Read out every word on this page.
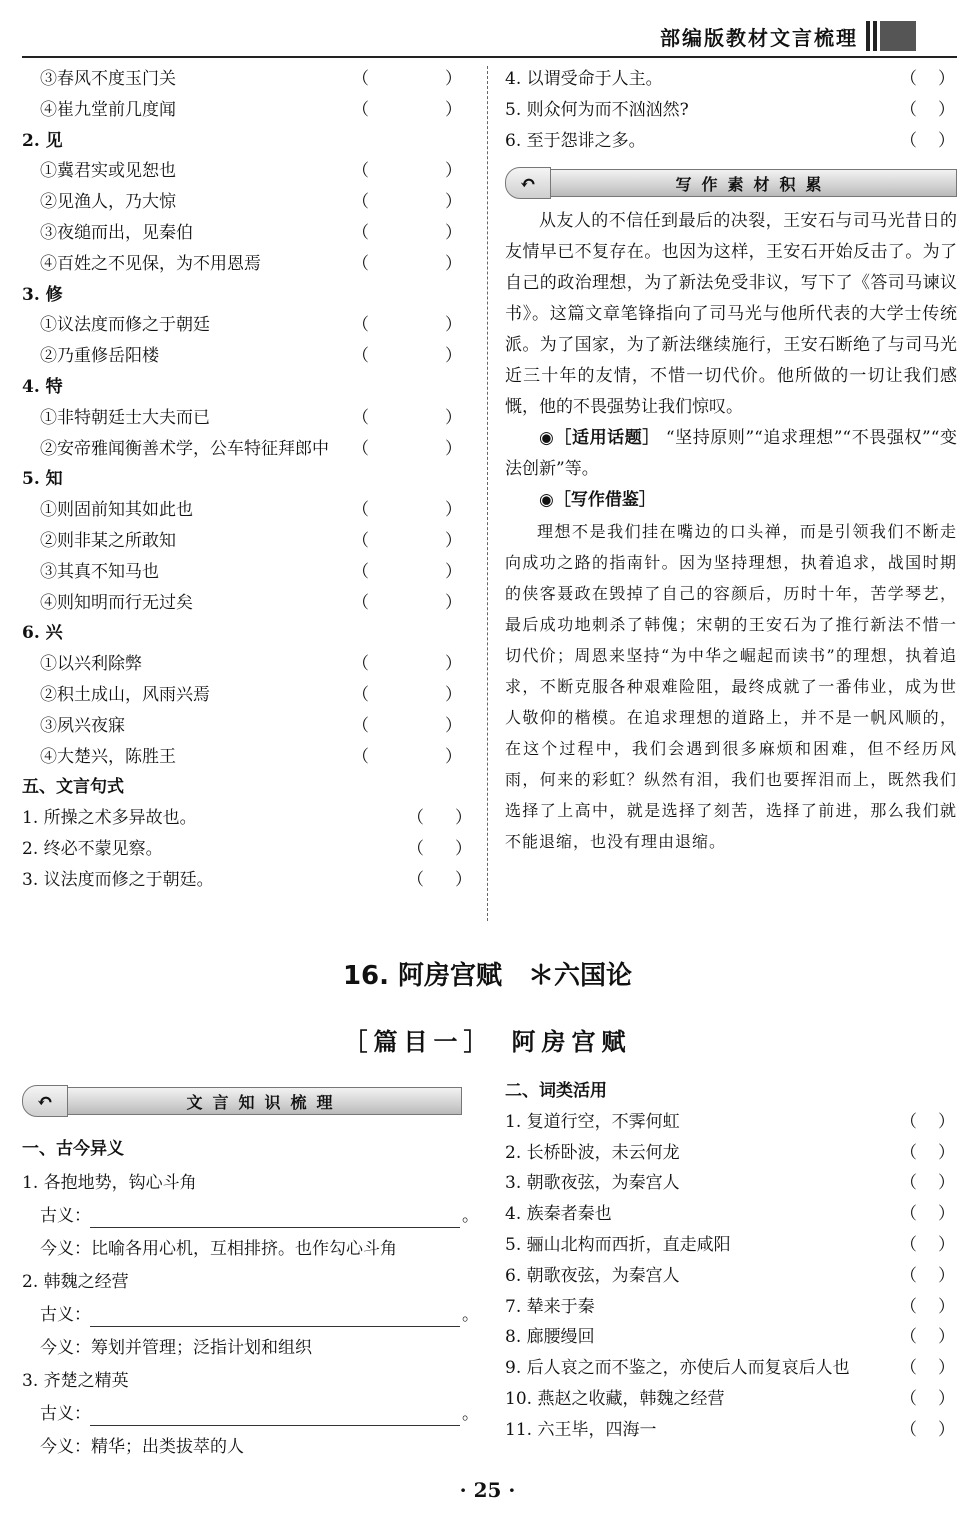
部编版教材文言梳理
③春风不度玉门关	（	）
④崔九堂前几度闻	（	）
2. 见
①冀君实或见恕也	（	）
②见渔人，乃大惊	（	）
③夜缒而出，见秦伯	（	）
④百姓之不见保，为不用恩焉	（	）
3. 修
①议法度而修之于朝廷	（	）
②乃重修岳阳楼	（	）
4. 特
①非特朝廷士大夫而已	（	）
②安帝雅闻衡善术学，公车特征拜郎中 （	）
5. 知
①则固前知其如此也	（	）
②则非某之所敢知	（	）
③其真不知马也	（	）
④则知明而行无过矣	（	）
6. 兴
①以兴利除弊	（	）
②积土成山，风雨兴焉	（	）
③夙兴夜寐	（	）
④大楚兴，陈胜王	（	）
五、文言句式
1. 所操之术多异故也。	（ ）
2. 终必不蒙见察。	（ ）
3. 议法度而修之于朝廷。	（ ）
4. 以谓受命于人主。	（ ）
5. 则众何为而不汹汹然?	（ ）
6. 至于怨诽之多。	（ ）
↶	写作素材积累

从友人的不信任到最后的决裂，王安石与司马光昔日的友情早已不复存在。也因为这样，王安石开始反击了。为了自己的政治理想，为了新法免受非议，写下了《答司马谏议书》。这篇文章笔锋指向了司马光与他所代表的大学士传统派。为了国家，为了新法继续施行，王安石断绝了与司马光近三十年的友情，不惜一切代价。他所做的一切让我们感慨，他的不畏强势让我们惊叹。

◉［适用话题］ “坚持原则”“追求理想”“不畏强权”“变法创新”等。

◉［写作借鉴］

理想不是我们挂在嘴边的口头禅，而是引领我们不断走向成功之路的指南针。因为坚持理想，执着追求，战国时期的侠客聂政在毁掉了自己的容颜后，历时十年，苦学琴艺，最后成功地刺杀了韩傀；宋朝的王安石为了推行新法不惜一切代价；周恩来坚持“为中华之崛起而读书”的理想，执着追求，不断克服各种艰难险阻，最终成就了一番伟业，成为世人敬仰的楷模。在追求理想的道路上，并不是一帆风顺的，在这个过程中，我们会遇到很多麻烦和困难，但不经历风雨，何来的彩虹？纵然有泪，我们也要挥泪而上，既然我们选择了上高中，就是选择了刻苦，选择了前进，那么我们就不能退缩，也没有理由退缩。

16. 阿房宫赋　＊六国论
［篇目一］　阿房宫赋
↶	文言知识梳理
一、古今异义
1. 各抱地势，钩心斗角
古义：	。
今义：比喻各用心机，互相排挤。也作勾心斗角
2. 韩魏之经营
古义：	。
今义：筹划并管理；泛指计划和组织
3. 齐楚之精英
古义：	。
今义：精华；出类拔萃的人
二、词类活用
1. 复道行空，不霁何虹	（ ）
2. 长桥卧波，未云何龙	（ ）
3. 朝歌夜弦，为秦宫人	（ ）
4. 族秦者秦也	（ ）
5. 骊山北构而西折，直走咸阳	（ ）
6. 朝歌夜弦，为秦宫人	（ ）
7. 辇来于秦	（ ）
8. 廊腰缦回	（ ）
9. 后人哀之而不鉴之，亦使后人而复哀后人也	（ ）
10. 燕赵之收藏，韩魏之经营	（ ）
11. 六王毕，四海一	（ ）
· 25 ·
